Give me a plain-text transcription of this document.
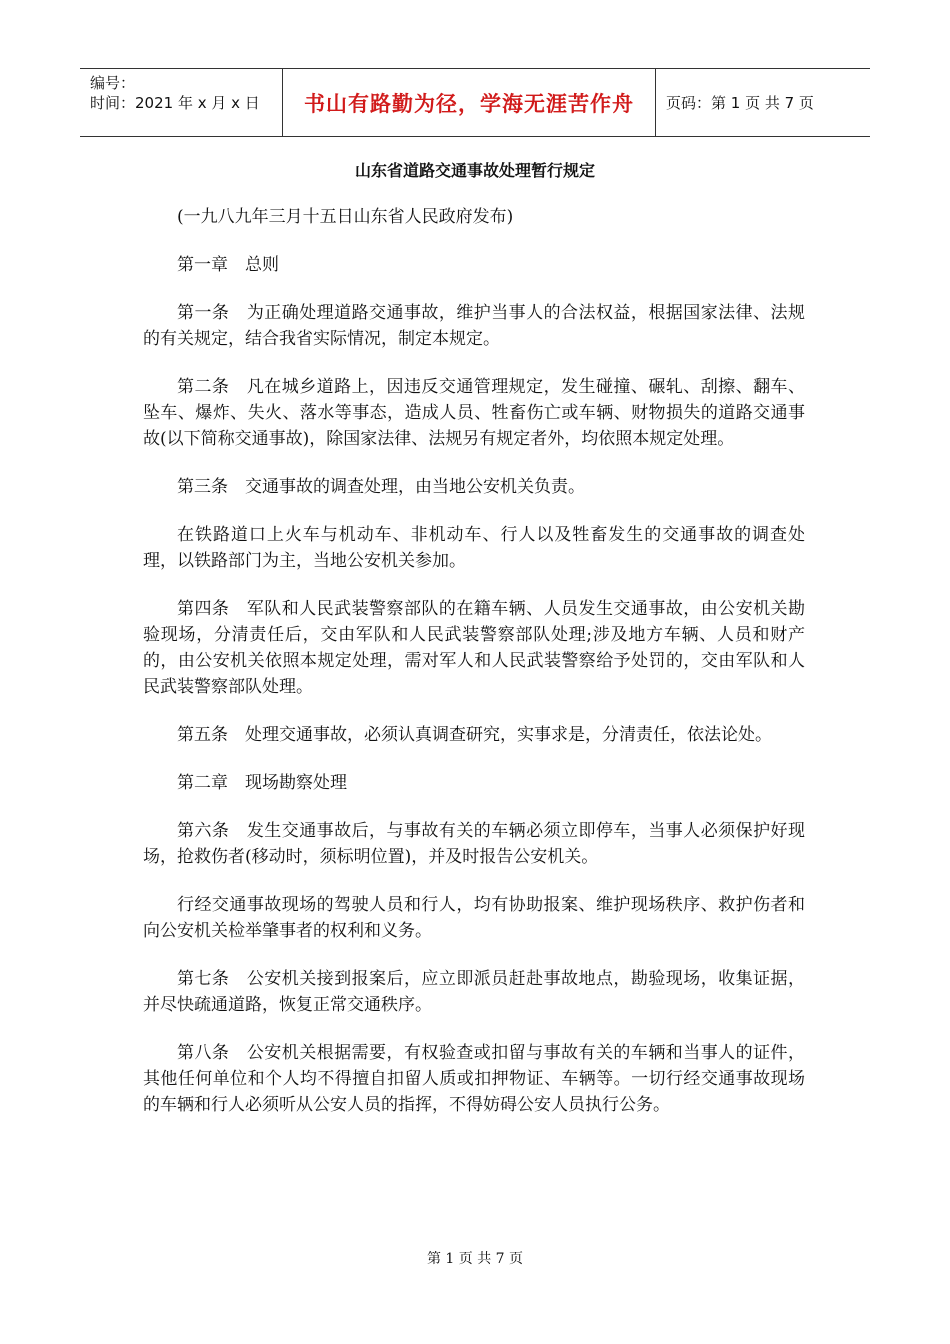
编号：
时间：2021 年 x 月 x 日 书山有路勤为径，学海无涯苦作舟 页码：第 1 页 共 7 页
山东省道路交通事故处理暂行规定

(一九八九年三月十五日山东省人民政府发布)

第一章　总则

第一条　为正确处理道路交通事故，维护当事人的合法权益，根据国家法律、法规的有关规定，结合我省实际情况，制定本规定。

第二条　凡在城乡道路上，因违反交通管理规定，发生碰撞、碾轧、刮擦、翻车、坠车、爆炸、失火、落水等事态，造成人员、牲畜伤亡或车辆、财物损失的道路交通事故(以下简称交通事故)，除国家法律、法规另有规定者外，均依照本规定处理。

第三条　交通事故的调查处理，由当地公安机关负责。

在铁路道口上火车与机动车、非机动车、行人以及牲畜发生的交通事故的调查处理，以铁路部门为主，当地公安机关参加。

第四条　军队和人民武装警察部队的在籍车辆、人员发生交通事故，由公安机关勘验现场，分清责任后，交由军队和人民武装警察部队处理;涉及地方车辆、人员和财产的，由公安机关依照本规定处理，需对军人和人民武装警察给予处罚的，交由军队和人民武装警察部队处理。

第五条　处理交通事故，必须认真调查研究，实事求是，分清责任，依法论处。

第二章　现场勘察处理

第六条　发生交通事故后，与事故有关的车辆必须立即停车，当事人必须保护好现场，抢救伤者(移动时，须标明位置)，并及时报告公安机关。

行经交通事故现场的驾驶人员和行人，均有协助报案、维护现场秩序、救护伤者和向公安机关检举肇事者的权利和义务。

第七条　公安机关接到报案后，应立即派员赶赴事故地点，勘验现场，收集证据，并尽快疏通道路，恢复正常交通秩序。

第八条　公安机关根据需要，有权验查或扣留与事故有关的车辆和当事人的证件，其他任何单位和个人均不得擅自扣留人质或扣押物证、车辆等。一切行经交通事故现场的车辆和行人必须听从公安人员的指挥，不得妨碍公安人员执行公务。

第 1 页 共 7 页
